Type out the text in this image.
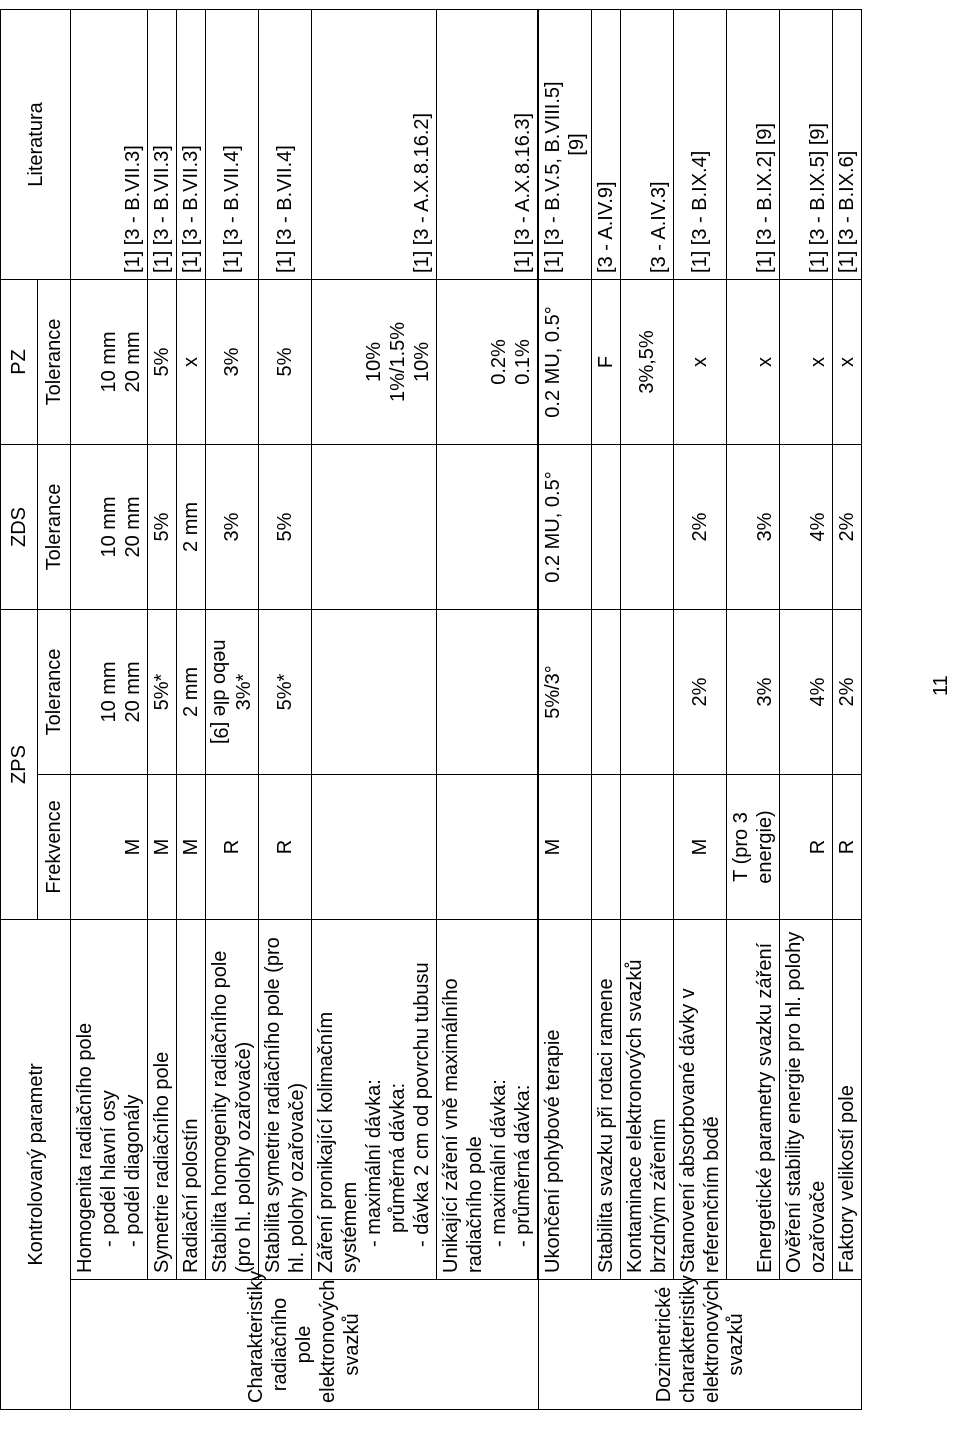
Kontrolovaný parametr		ZPS		ZDS	PZ	Literatura
		Frekvence	Tolerance	Tolerance	Tolerance	
Charakteristiky radiačního pole elektronových svazků	Homogenita radiačního pole - podél hlavní osy - podél diagonály	M	10 mm 20 mm	10 mm 20 mm	10 mm 20 mm	[1] [3 - B.VII.3]
	Symetrie radiačního pole	M	5%*	5%	5%	[1] [3 - B.VII.3]
	Radiační polostín	M	2 mm	2 mm	x	[1] [3 - B.VII.3]

	Stabilita homogenity radiačního pole (pro hl. polohy ozařovače)	R	nebo dle [9] 3%*	3%	3%	[1] [3 - B.VII.4]

	Stabilita symetrie radiačního pole (pro hl. polohy ozařovače)	R	5%*	5%	5%	[1] [3 - B.VII.4]

	Záření pronikající kolimačním systémem - maximální dávka: průměrná dávka: - dávka 2 cm od povrchu tubusu				10% 1%/1.5% 10%	[1] [3 - A.X.8.16.2]

	Unikající záření vně maximálního radiačního pole - maximální dávka: - průměrná dávka:				0.2% 0.1%	[1] [3 - A.X.8.16.3]
Dozimetrické charakteristiky elektronových svazků	Ukončení pohybové terapie	M	5%/3°	0.2 MU, 0.5°	0.2 MU, 0.5°	[1] [3 - B.V.5, B.VIII.5] [9]

	Stabilita svazku při rotaci ramene				F	[3 - A.IV.9]

	Kontaminace elektronových svazků brzdným zářením				3%,5%	[3 - A.IV.3]

	Stanovení absorbované dávky v referenčním bodě	M	2%	2%	x	[1] [3 - B.IX.4]
	Energetické parametry svazku záření	T (pro 3 energie)	3%	3%	x	[1] [3 - B.IX.2] [9]

	Ověření stability energie pro hl. polohy ozařovače	R	4%	4%	x	[1] [3 - B.IX.5] [9]
	Faktory velikostí pole	R	2%	2%	x	[1] [3 - B.IX.6]
11
